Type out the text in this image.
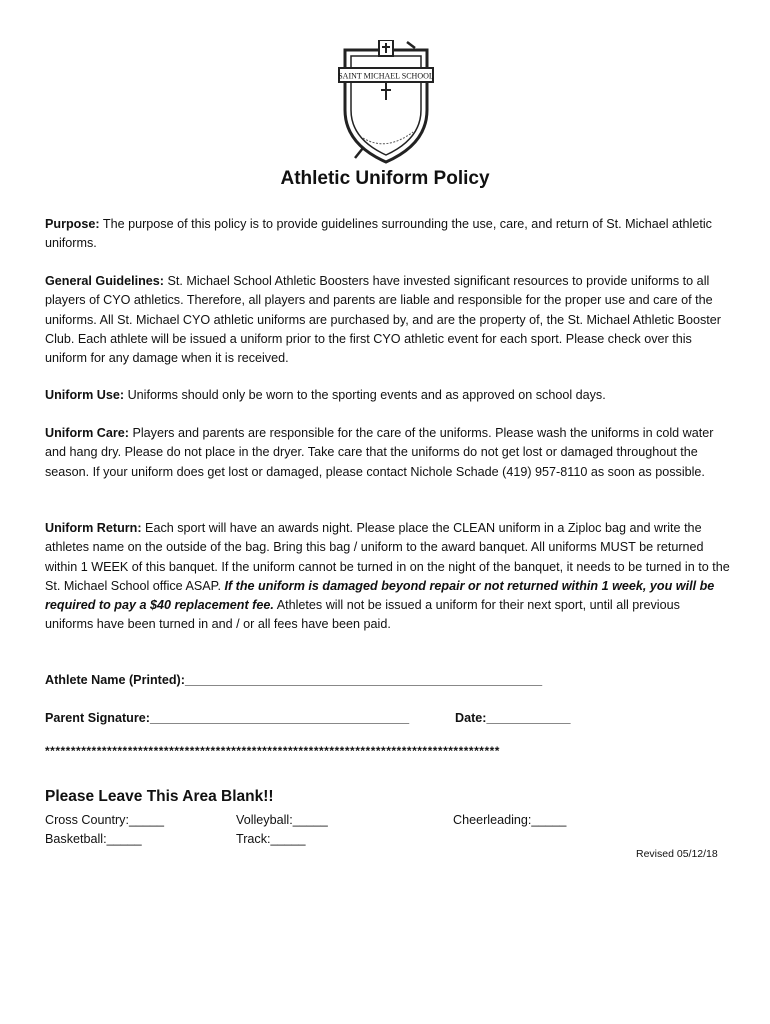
SAINT MICHAEL SCHOOL
Athletic Uniform Policy
Purpose: The purpose of this policy is to provide guidelines surrounding the use, care, and return of St. Michael athletic uniforms.
General Guidelines: St. Michael School Athletic Boosters have invested significant resources to provide uniforms to all players of CYO athletics. Therefore, all players and parents are liable and responsible for the proper use and care of the uniforms. All St. Michael CYO athletic uniforms are purchased by, and are the property of, the St. Michael Athletic Booster Club. Each athlete will be issued a uniform prior to the first CYO athletic event for each sport. Please check over this uniform for any damage when it is received.
Uniform Use: Uniforms should only be worn to the sporting events and as approved on school days.
Uniform Care: Players and parents are responsible for the care of the uniforms. Please wash the uniforms in cold water and hang dry. Please do not place in the dryer. Take care that the uniforms do not get lost or damaged throughout the season. If your uniform does get lost or damaged, please contact Nichole Schade (419) 957-8110 as soon as possible.
Uniform Return: Each sport will have an awards night. Please place the CLEAN uniform in a Ziploc bag and write the athletes name on the outside of the bag. Bring this bag / uniform to the award banquet. All uniforms MUST be returned within 1 WEEK of this banquet. If the uniform cannot be turned in on the night of the banquet, it needs to be turned in to the St. Michael School office ASAP. If the uniform is damaged beyond repair or not returned within 1 week, you will be required to pay a $40 replacement fee. Athletes will not be issued a uniform for their next sport, until all previous uniforms have been turned in and / or all fees have been paid.
Athlete Name (Printed):___________________________________________________
Parent Signature:_____________________________________	Date:____________
****************************************************************************************
Please Leave This Area Blank!!
Cross Country:_____
Basketball:_____
Volleyball:_____
Track:_____
Cheerleading:_____
Revised 05/12/18
